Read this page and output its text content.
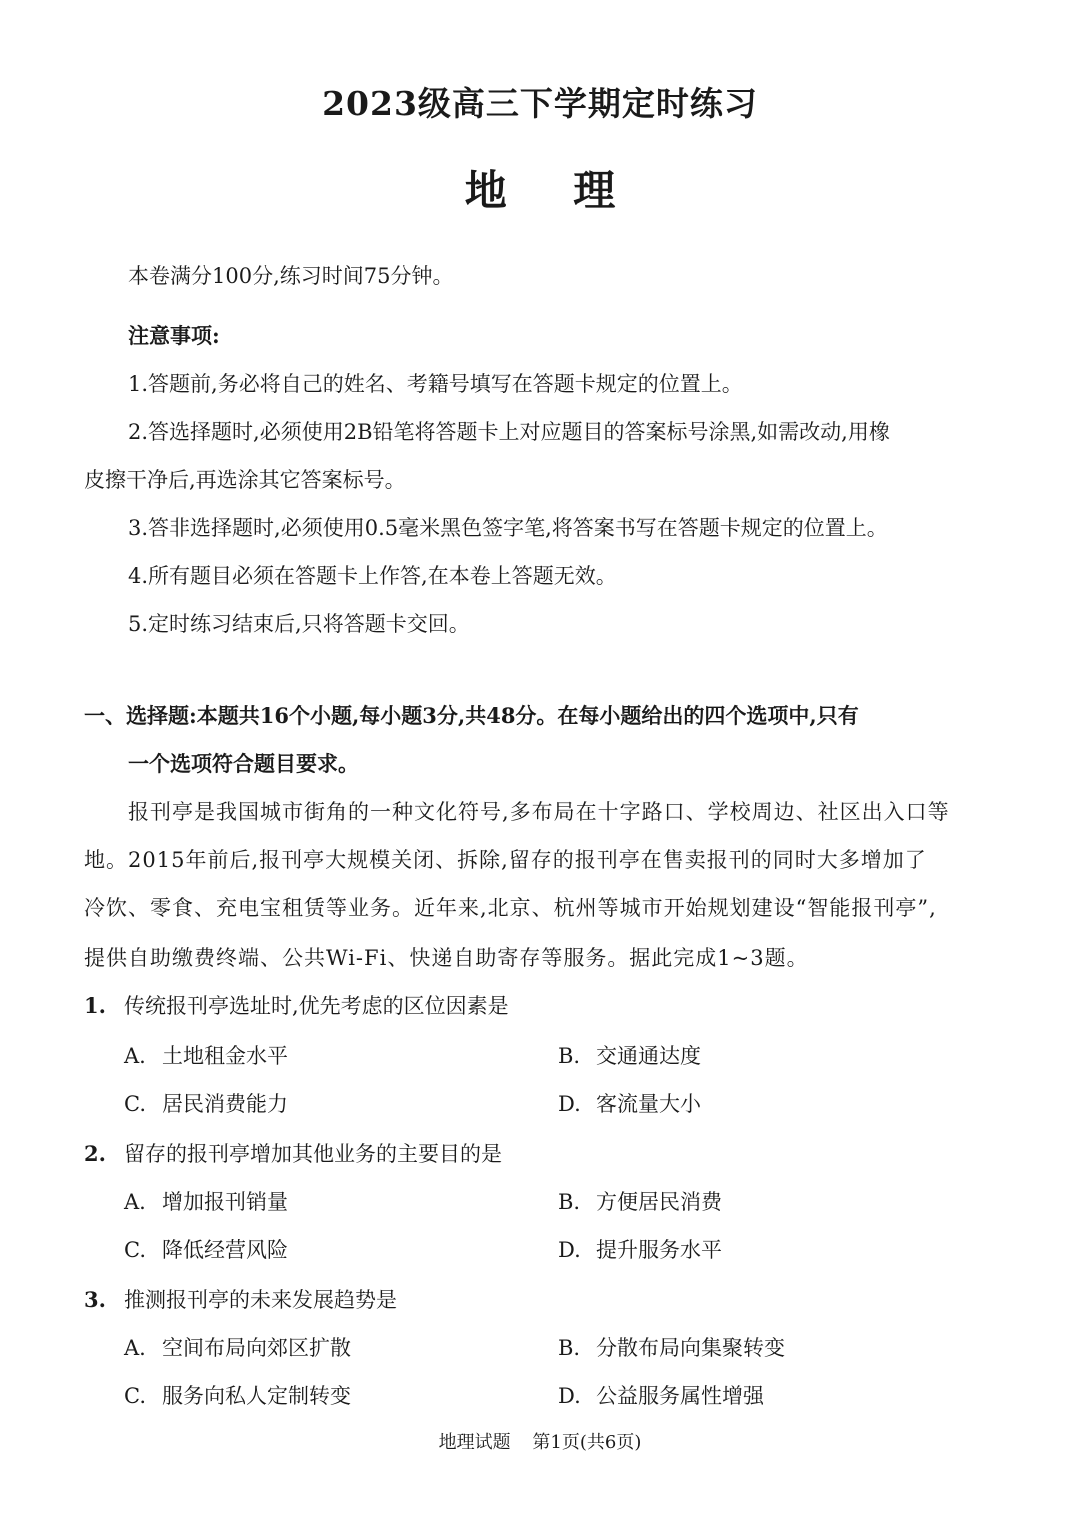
2023级高三下学期定时练习
地 理
本卷满分100分,练习时间75分钟。
注意事项:
1.答题前,务必将自己的姓名、考籍号填写在答题卡规定的位置上。
2.答选择题时,必须使用2B铅笔将答题卡上对应题目的答案标号涂黑,如需改动,用橡
皮擦干净后,再选涂其它答案标号。
3.答非选择题时,必须使用0.5毫米黑色签字笔,将答案书写在答题卡规定的位置上。
4.所有题目必须在答题卡上作答,在本卷上答题无效。
5.定时练习结束后,只将答题卡交回。
一、选择题:本题共16个小题,每小题3分,共48分。在每小题给出的四个选项中,只有
一个选项符合题目要求。
报刊亭是我国城市街角的一种文化符号,多布局在十字路口、学校周边、社区出入口等
地。2015年前后,报刊亭大规模关闭、拆除,留存的报刊亭在售卖报刊的同时大多增加了
冷饮、零食、充电宝租赁等业务。近年来,北京、杭州等城市开始规划建设“智能报刊亭”,
提供自助缴费终端、公共Wi-Fi、快递自助寄存等服务。据此完成1~3题。
1. 传统报刊亭选址时,优先考虑的区位因素是
A. 土地租金水平	B. 交通通达度
C. 居民消费能力	D. 客流量大小
2. 留存的报刊亭增加其他业务的主要目的是
A. 增加报刊销量	B. 方便居民消费
C. 降低经营风险	D. 提升服务水平
3. 推测报刊亭的未来发展趋势是
A. 空间布局向郊区扩散	B. 分散布局向集聚转变
C. 服务向私人定制转变	D. 公益服务属性增强
地理试题 第1页(共6页)
